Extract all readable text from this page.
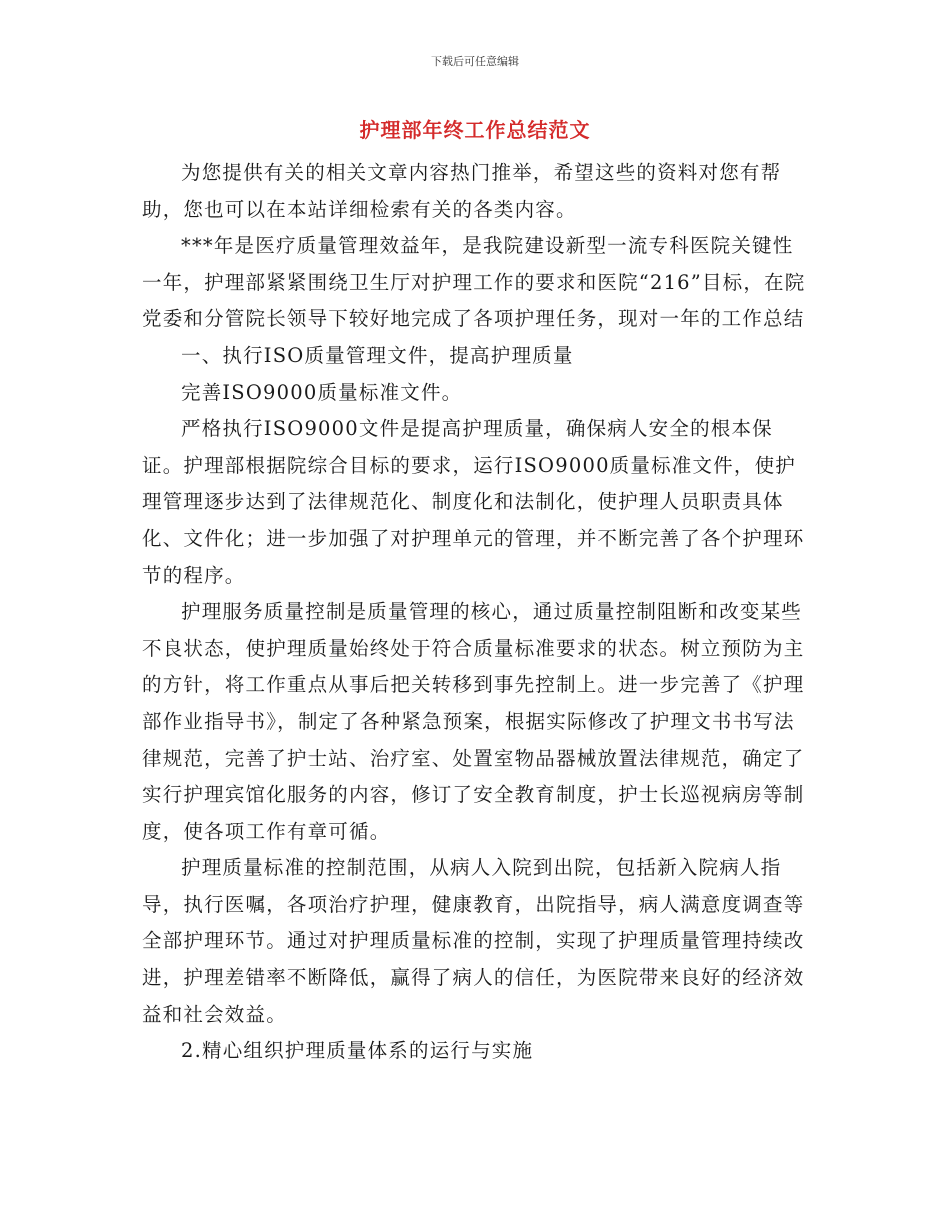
下载后可任意编辑
护理部年终工作总结范文

为您提供有关的相关文章内容热门推举，希望这些的资料对您有帮助，您也可以在本站详细检索有关的各类内容。

***年是医疗质量管理效益年，是我院建设新型一流专科医院关键性一年，护理部紧紧围绕卫生厅对护理工作的要求和医院“216”目标，在院党委和分管院长领导下较好地完成了各项护理任务，现对一年的工作总结

一、执行ISO质量管理文件，提高护理质量

完善ISO9000质量标准文件。

严格执行ISO9000文件是提高护理质量，确保病人安全的根本保证。护理部根据院综合目标的要求，运行ISO9000质量标准文件，使护理管理逐步达到了法律规范化、制度化和法制化，使护理人员职责具体化、文件化；进一步加强了对护理单元的管理，并不断完善了各个护理环节的程序。

护理服务质量控制是质量管理的核心，通过质量控制阻断和改变某些不良状态，使护理质量始终处于符合质量标准要求的状态。树立预防为主的方针，将工作重点从事后把关转移到事先控制上。进一步完善了《护理部作业指导书》，制定了各种紧急预案，根据实际修改了护理文书书写法律规范，完善了护士站、治疗室、处置室物品器械放置法律规范，确定了实行护理宾馆化服务的内容，修订了安全教育制度，护士长巡视病房等制度，使各项工作有章可循。

护理质量标准的控制范围，从病人入院到出院，包括新入院病人指导，执行医嘱，各项治疗护理，健康教育，出院指导，病人满意度调查等全部护理环节。通过对护理质量标准的控制，实现了护理质量管理持续改进，护理差错率不断降低，赢得了病人的信任，为医院带来良好的经济效益和社会效益。

2.精心组织护理质量体系的运行与实施
